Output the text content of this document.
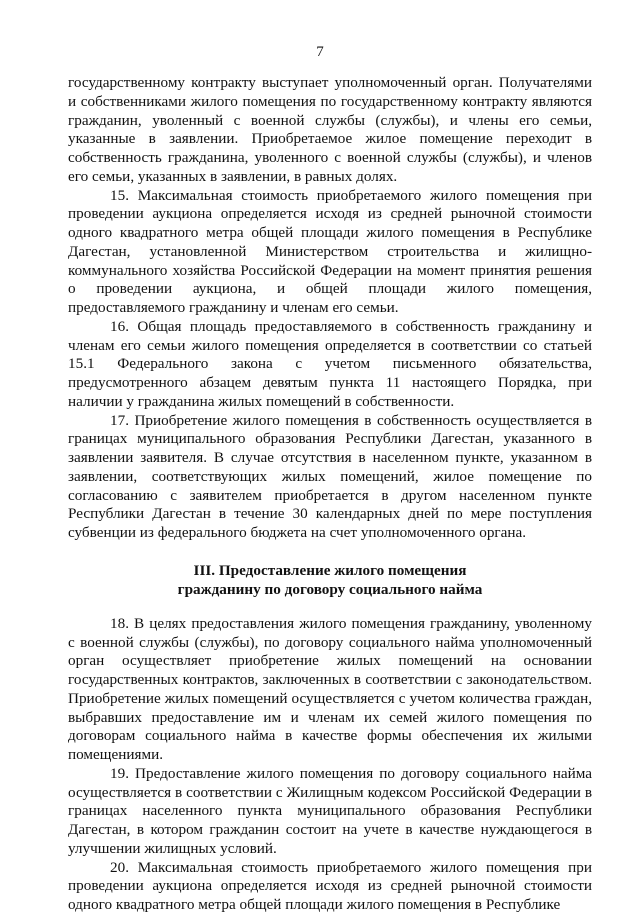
7

государственному контракту выступает уполномоченный орган. Получателями и собственниками жилого помещения по государственному контракту являются гражданин, уволенный с военной службы (службы), и члены его семьи, указанные в заявлении. Приобретаемое жилое помещение переходит в собственность гражданина, уволенного с военной службы (службы), и членов его семьи, указанных в заявлении, в равных долях.

15. Максимальная стоимость приобретаемого жилого помещения при проведении аукциона определяется исходя из средней рыночной стоимости одного квадратного метра общей площади жилого помещения в Республике Дагестан, установленной Министерством строительства и жилищно-коммунального хозяйства Российской Федерации на момент принятия решения о проведении аукциона, и общей площади жилого помещения, предоставляемого гражданину и членам его семьи.

16. Общая площадь предоставляемого в собственность гражданину и членам его семьи жилого помещения определяется в соответствии со статьей 15.1 Федерального закона с учетом письменного обязательства, предусмотренного абзацем девятым пункта 11 настоящего Порядка, при наличии у гражданина жилых помещений в собственности.

17. Приобретение жилого помещения в собственность осуществляется в границах муниципального образования Республики Дагестан, указанного в заявлении заявителя. В случае отсутствия в населенном пункте, указанном в заявлении, соответствующих жилых помещений, жилое помещение по согласованию с заявителем приобретается в другом населенном пункте Республики Дагестан в течение 30 календарных дней по мере поступления субвенции из федерального бюджета на счет уполномоченного органа.

III. Предоставление жилого помещения
гражданину по договору социального найма

18. В целях предоставления жилого помещения гражданину, уволенному с военной службы (службы), по договору социального найма уполномоченный орган осуществляет приобретение жилых помещений на основании государственных контрактов, заключенных в соответствии с законодательством. Приобретение жилых помещений осуществляется с учетом количества граждан, выбравших предоставление им и членам их семей жилого помещения по договорам социального найма в качестве формы обеспечения их жилыми помещениями.

19. Предоставление жилого помещения по договору социального найма осуществляется в соответствии с Жилищным кодексом Российской Федерации в границах населенного пункта муниципального образования Республики Дагестан, в котором гражданин состоит на учете в качестве нуждающегося в улучшении жилищных условий.

20. Максимальная стоимость приобретаемого жилого помещения при проведении аукциона определяется исходя из средней рыночной стоимости одного квадратного метра общей площади жилого помещения в Республике
